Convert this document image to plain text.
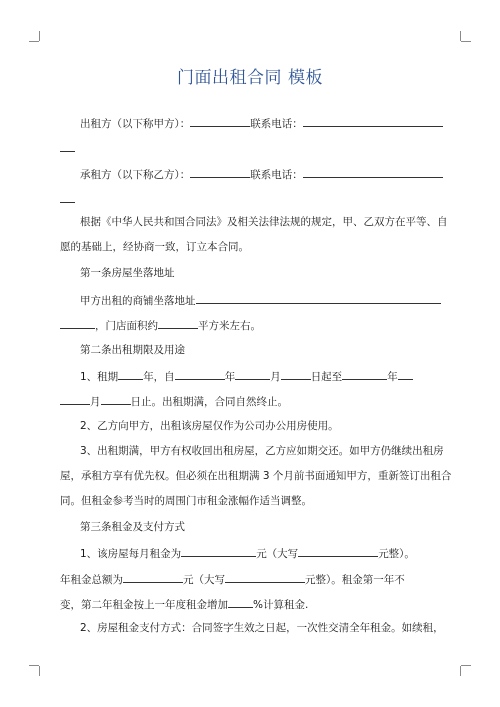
门面出租合同 模板
出租方（以下称甲方）：	联系电话：
承租方（以下称乙方）：	联系电话：
根据《中华人民共和国合同法》及相关法律法规的规定，甲、乙双方在平等、自
愿的基础上，经协商一致，订立本合同。
第一条房屋坐落地址
甲方出租的商铺坐落地址
，门店面积约	平方米左右。
第二条出租期限及用途
1、租期 年，自	年	月	日起至	年
月	日止。出租期满，合同自然终止。
2、乙方向甲方，出租该房屋仅作为公司办公用房使用。
3、出租期满，甲方有权收回出租房屋，乙方应如期交还。如甲方仍继续出租房
屋，承租方享有优先权。但必须在出租期满 3 个月前书面通知甲方，重新签订出租合
同。但租金参考当时的周围门市租金涨幅作适当调整。
第三条租金及支付方式
1、该房屋每月租金为	元（大写	元整）。
年租金总额为	元（大写	元整）。租金第一年不
变，第二年租金按上一年度租金增加 %计算租金.
2、房屋租金支付方式：合同签字生效之日起，一次性交清全年租金。如续租，
